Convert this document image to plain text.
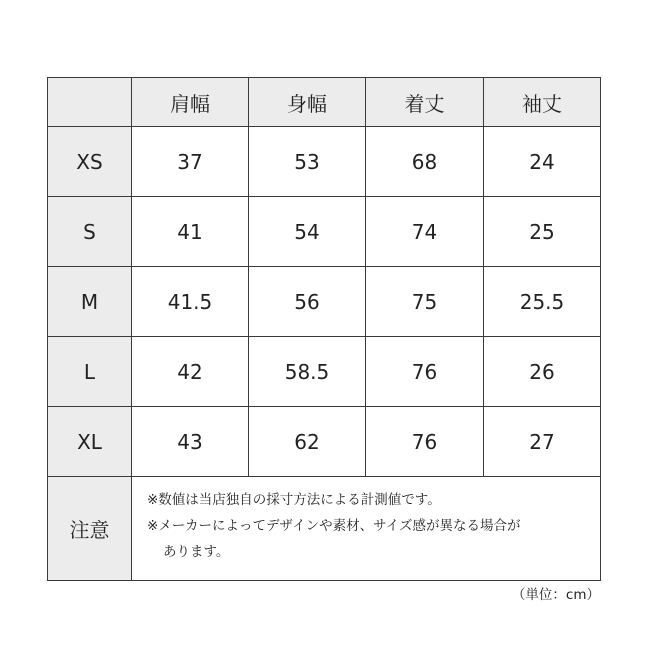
	肩幅	身幅	着丈	袖丈
XS	37	53	68	24
S	41	54	74	25
M	41.5	56	75	25.5
L	42	58.5	76	26
XL	43	62	76	27
注意	※数値は当店独自の採寸方法による計測値です。
※メーカーによってデザインや素材、サイズ感が異なる場合が
あります。			
（単位：cm）
